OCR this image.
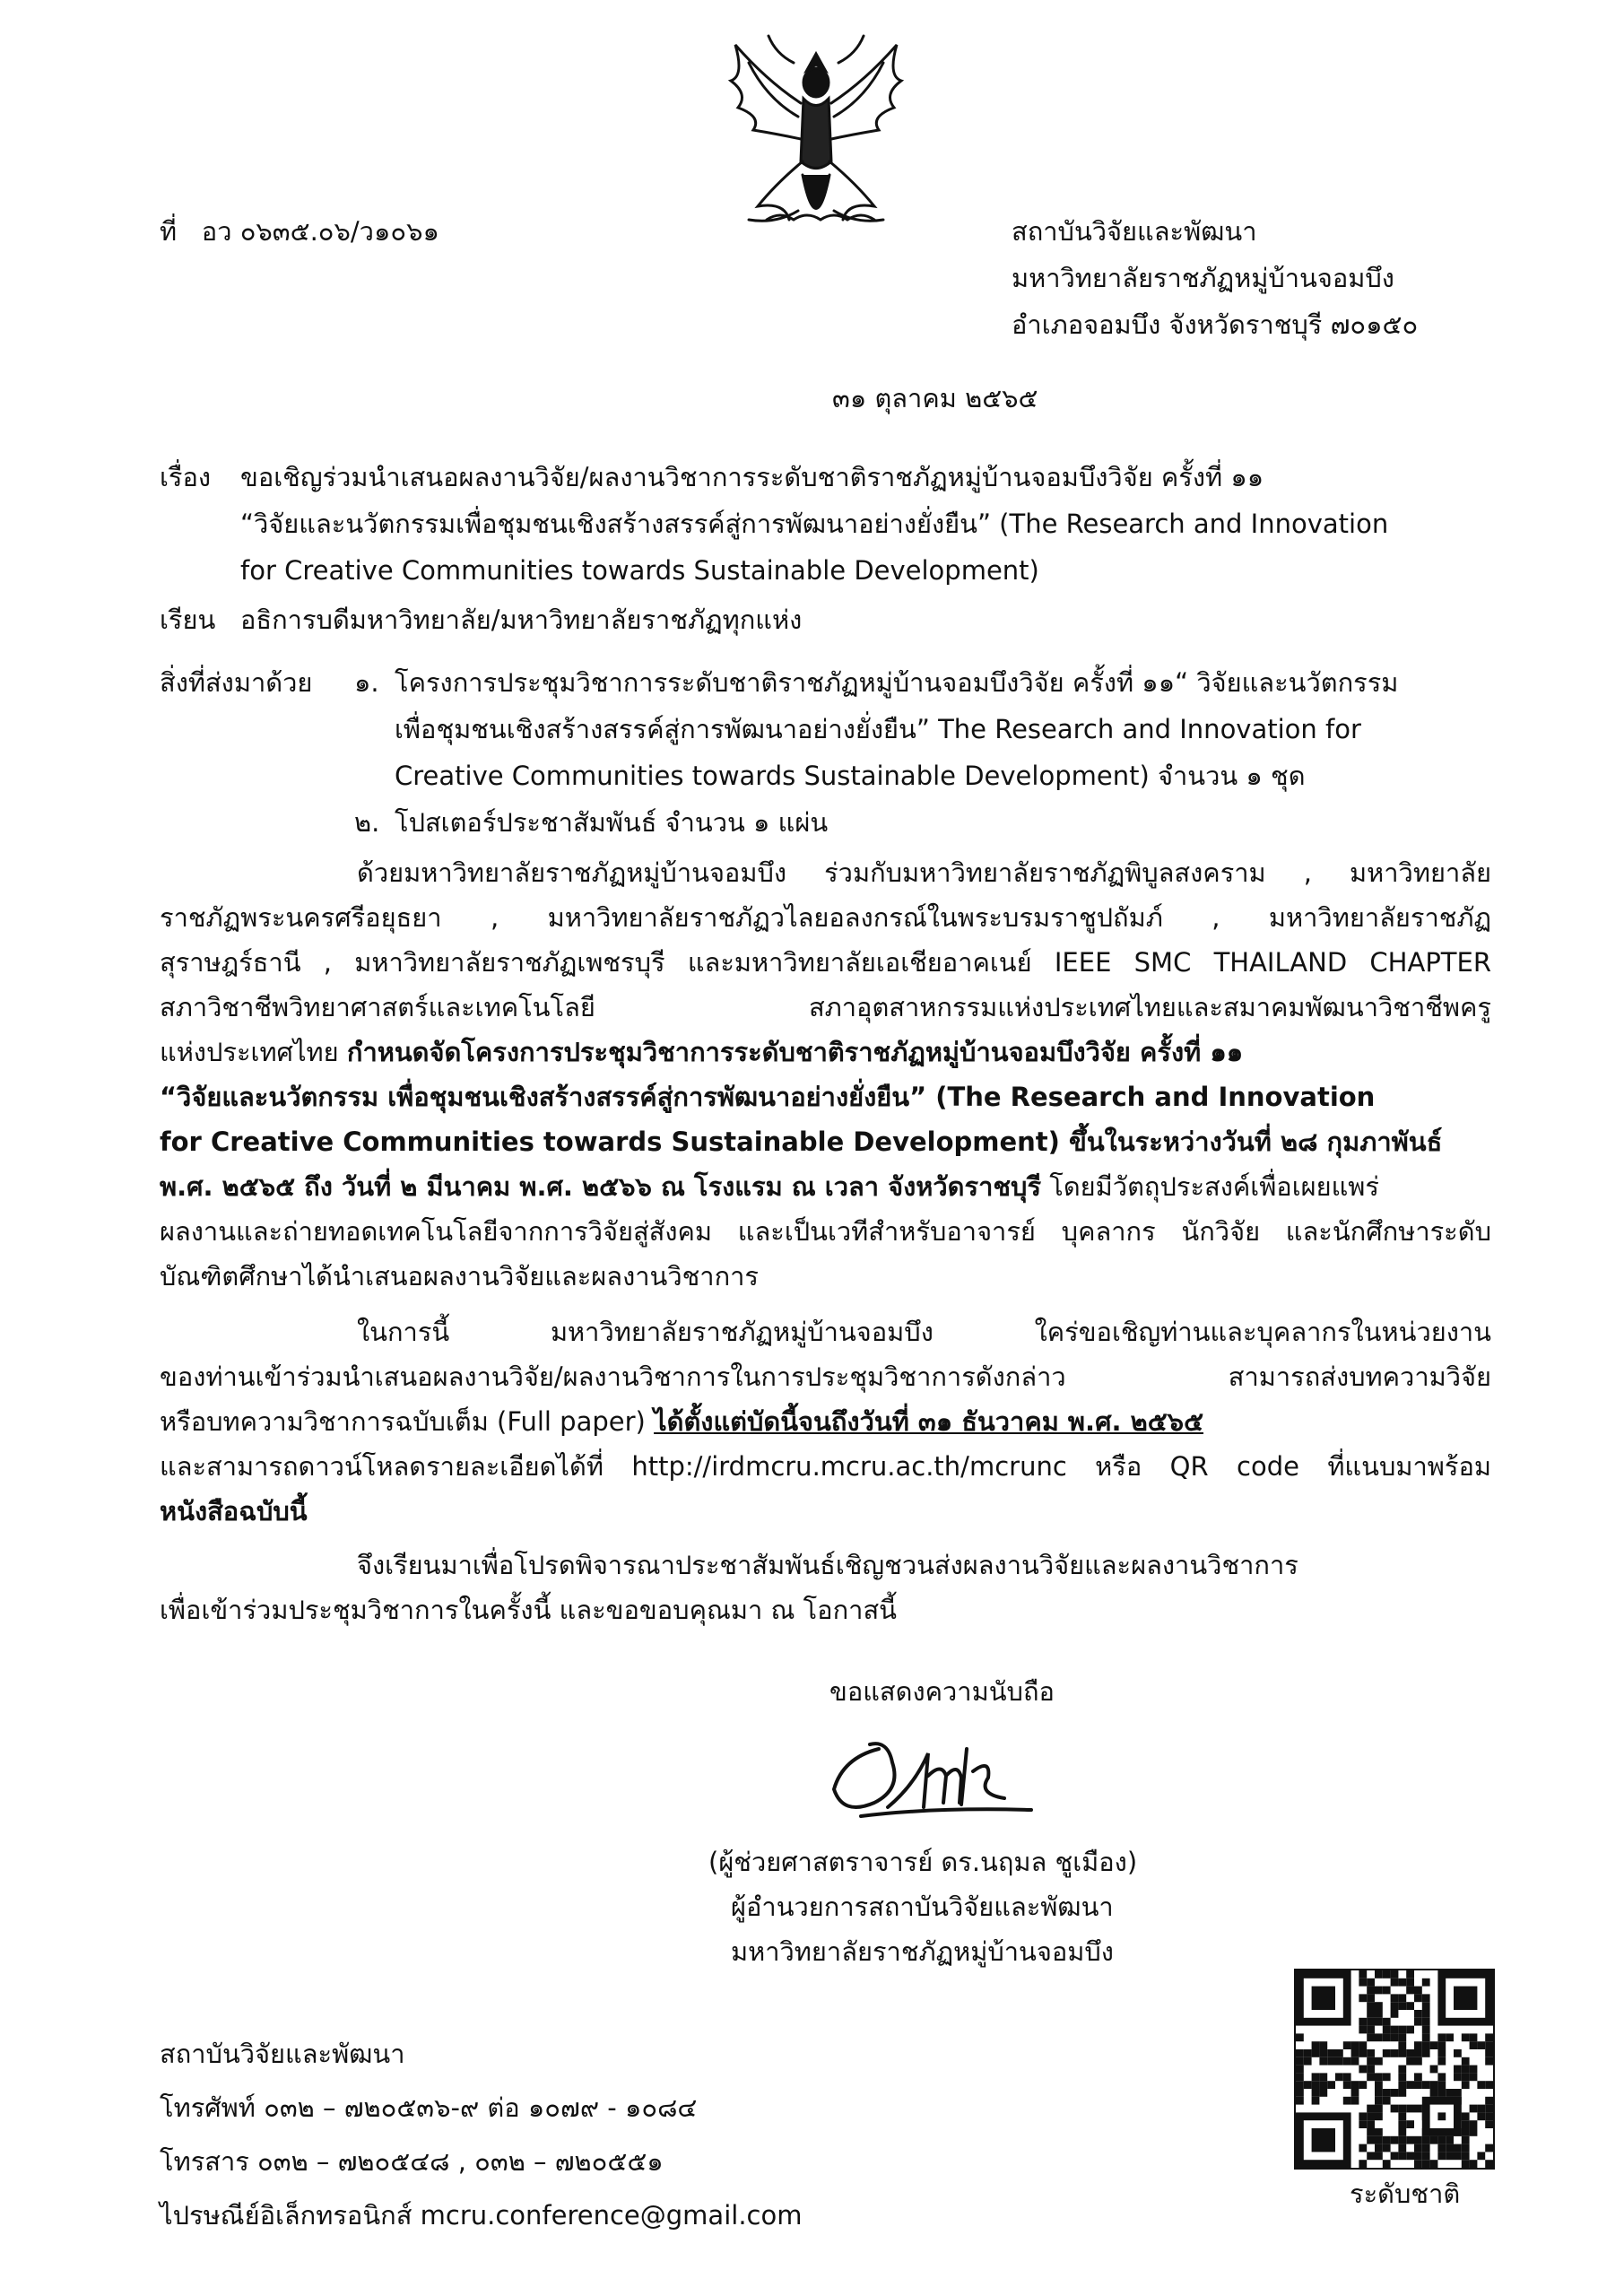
ที่ อว ๐๖๓๕.๐๖/ว๑๐๖๑	สถาบันวิจัยและพัฒนา
มหาวิทยาลัยราชภัฏหมู่บ้านจอมบึง
อำเภอจอมบึง จังหวัดราชบุรี ๗๐๑๕๐
๓๑ ตุลาคม ๒๕๖๕
เรื่อง ขอเชิญร่วมนำเสนอผลงานวิจัย/ผลงานวิชาการระดับชาติราชภัฏหมู่บ้านจอมบึงวิจัย ครั้งที่ ๑๑
“วิจัยและนวัตกรรมเพื่อชุมชนเชิงสร้างสรรค์สู่การพัฒนาอย่างยั่งยืน” (The Research and Innovation
for Creative Communities towards Sustainable Development)
เรียน อธิการบดีมหาวิทยาลัย/มหาวิทยาลัยราชภัฏทุกแห่ง
สิ่งที่ส่งมาด้วย ๑. โครงการประชุมวิชาการระดับชาติราชภัฏหมู่บ้านจอมบึงวิจัย ครั้งที่ ๑๑“ วิจัยและนวัตกรรม
เพื่อชุมชนเชิงสร้างสรรค์สู่การพัฒนาอย่างยั่งยืน” The Research and Innovation for
Creative Communities towards Sustainable Development) จำนวน ๑ ชุด
๒. โปสเตอร์ประชาสัมพันธ์ จำนวน ๑ แผ่น
ด้วยมหาวิทยาลัยราชภัฏหมู่บ้านจอมบึง ร่วมกับมหาวิทยาลัยราชภัฏพิบูลสงคราม , มหาวิทยาลัย
ราชภัฏพระนครศรีอยุธยา , มหาวิทยาลัยราชภัฏวไลยอลงกรณ์ในพระบรมราชูปถัมภ์ , มหาวิทยาลัยราชภัฏ
สุราษฎร์ธานี , มหาวิทยาลัยราชภัฏเพชรบุรี และมหาวิทยาลัยเอเชียอาคเนย์ IEEE SMC THAILAND CHAPTER
สภาวิชาชีพวิทยาศาสตร์และเทคโนโลยี สภาอุตสาหกรรมแห่งประเทศไทยและสมาคมพัฒนาวิชาชีพครู
แห่งประเทศไทย กำหนดจัดโครงการประชุมวิชาการระดับชาติราชภัฏหมู่บ้านจอมบึงวิจัย ครั้งที่ ๑๑
“วิจัยและนวัตกรรม เพื่อชุมชนเชิงสร้างสรรค์สู่การพัฒนาอย่างยั่งยืน” (The Research and Innovation
for Creative Communities towards Sustainable Development) ขึ้นในระหว่างวันที่ ๒๘ กุมภาพันธ์
พ.ศ. ๒๕๖๕ ถึง วันที่ ๒ มีนาคม พ.ศ. ๒๕๖๖ ณ โรงแรม ณ เวลา จังหวัดราชบุรี โดยมีวัตถุประสงค์เพื่อเผยแพร่
ผลงานและถ่ายทอดเทคโนโลยีจากการวิจัยสู่สังคม และเป็นเวทีสำหรับอาจารย์ บุคลากร นักวิจัย และนักศึกษาระดับ
บัณฑิตศึกษาได้นำเสนอผลงานวิจัยและผลงานวิชาการ
ในการนี้ มหาวิทยาลัยราชภัฏหมู่บ้านจอมบึง ใคร่ขอเชิญท่านและบุคลากรในหน่วยงาน
ของท่านเข้าร่วมนำเสนอผลงานวิจัย/ผลงานวิชาการในการประชุมวิชาการดังกล่าว สามารถส่งบทความวิจัย
หรือบทความวิชาการฉบับเต็ม (Full paper) ได้ตั้งแต่บัดนี้จนถึงวันที่ ๓๑ ธันวาคม พ.ศ. ๒๕๖๕
และสามารถดาวน์โหลดรายละเอียดได้ที่ http://irdmcru.mcru.ac.th/mcrunc หรือ QR code ที่แนบมาพร้อม
หนังสือฉบับนี้
จึงเรียนมาเพื่อโปรดพิจารณาประชาสัมพันธ์เชิญชวนส่งผลงานวิจัยและผลงานวิชาการ
เพื่อเข้าร่วมประชุมวิชาการในครั้งนี้ และขอขอบคุณมา ณ โอกาสนี้
ขอแสดงความนับถือ
(ผู้ช่วยศาสตราจารย์ ดร.นฤมล ชูเมือง)
ผู้อำนวยการสถาบันวิจัยและพัฒนา
มหาวิทยาลัยราชภัฏหมู่บ้านจอมบึง
ระดับชาติ
สถาบันวิจัยและพัฒนา
โทรศัพท์ ๐๓๒ – ๗๒๐๕๓๖-๙ ต่อ ๑๐๗๙ - ๑๐๘๔
โทรสาร ๐๓๒ – ๗๒๐๕๔๘ , ๐๓๒ – ๗๒๐๕๕๑
ไปรษณีย์อิเล็กทรอนิกส์ mcru.conference@gmail.com
